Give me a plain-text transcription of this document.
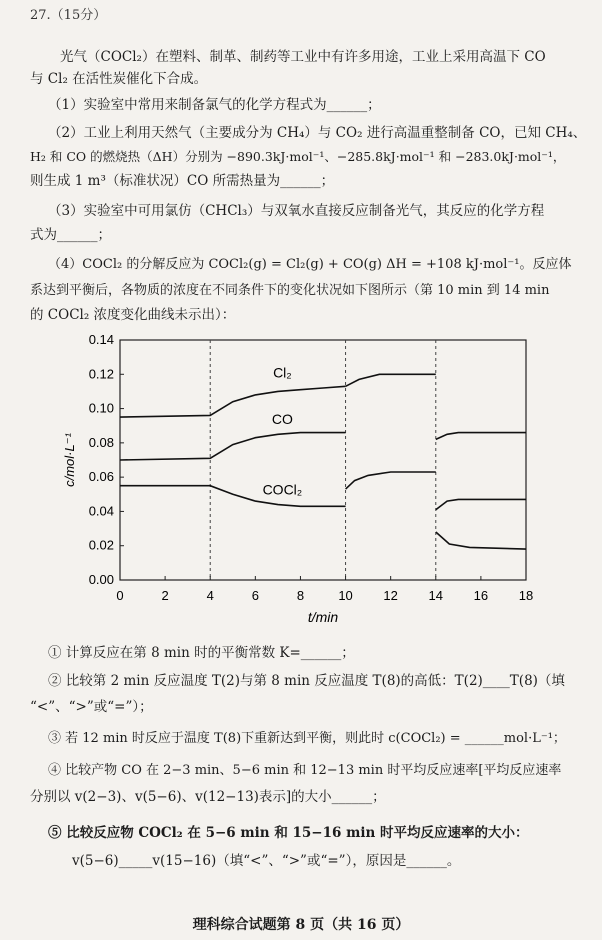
27.（15分）
光气（COCl₂）在塑料、制革、制药等工业中有许多用途，工业上采用高温下 CO
与 Cl₂ 在活性炭催化下合成。
（1）实验室中常用来制备氯气的化学方程式为______；
（2）工业上利用天然气（主要成分为 CH₄）与 CO₂ 进行高温重整制备 CO，已知 CH₄、
H₂ 和 CO 的燃烧热（ΔH）分别为 −890.3kJ·mol⁻¹、−285.8kJ·mol⁻¹ 和 −283.0kJ·mol⁻¹，
则生成 1 m³（标准状况）CO 所需热量为______；
（3）实验室中可用氯仿（CHCl₃）与双氧水直接反应制备光气，其反应的化学方程
式为______；
（4）COCl₂ 的分解反应为 COCl₂(g) = Cl₂(g) + CO(g) ΔH = +108 kJ·mol⁻¹。反应体
系达到平衡后，各物质的浓度在不同条件下的变化状况如下图所示（第 10 min 到 14 min
的 COCl₂ 浓度变化曲线未示出）：
0	2	4	6	8	10 12 14 16 18
0.00
0.02
0.04
0.06
0.08
0.10
0.12
0.14
Cl₂
CO
COCl₂
t/min
c/mol·L⁻¹
① 计算反应在第 8 min 时的平衡常数 K=______；
② 比较第 2 min 反应温度 T(2)与第 8 min 反应温度 T(8)的高低：T(2)____T(8)（填
“<”、“>”或“=”）；
③ 若 12 min 时反应于温度 T(8)下重新达到平衡，则此时 c(COCl₂) = ______mol·L⁻¹；
④ 比较产物 CO 在 2−3 min、5−6 min 和 12−13 min 时平均反应速率[平均反应速率
分别以 v(2−3)、v(5−6)、v(12−13)表示]的大小______；
⑤ 比较反应物 COCl₂ 在 5−6 min 和 15−16 min 时平均反应速率的大小：
v(5−6)_____v(15−16)（填“<”、“>”或“=”），原因是______。
理科综合试题第 8 页（共 16 页）
